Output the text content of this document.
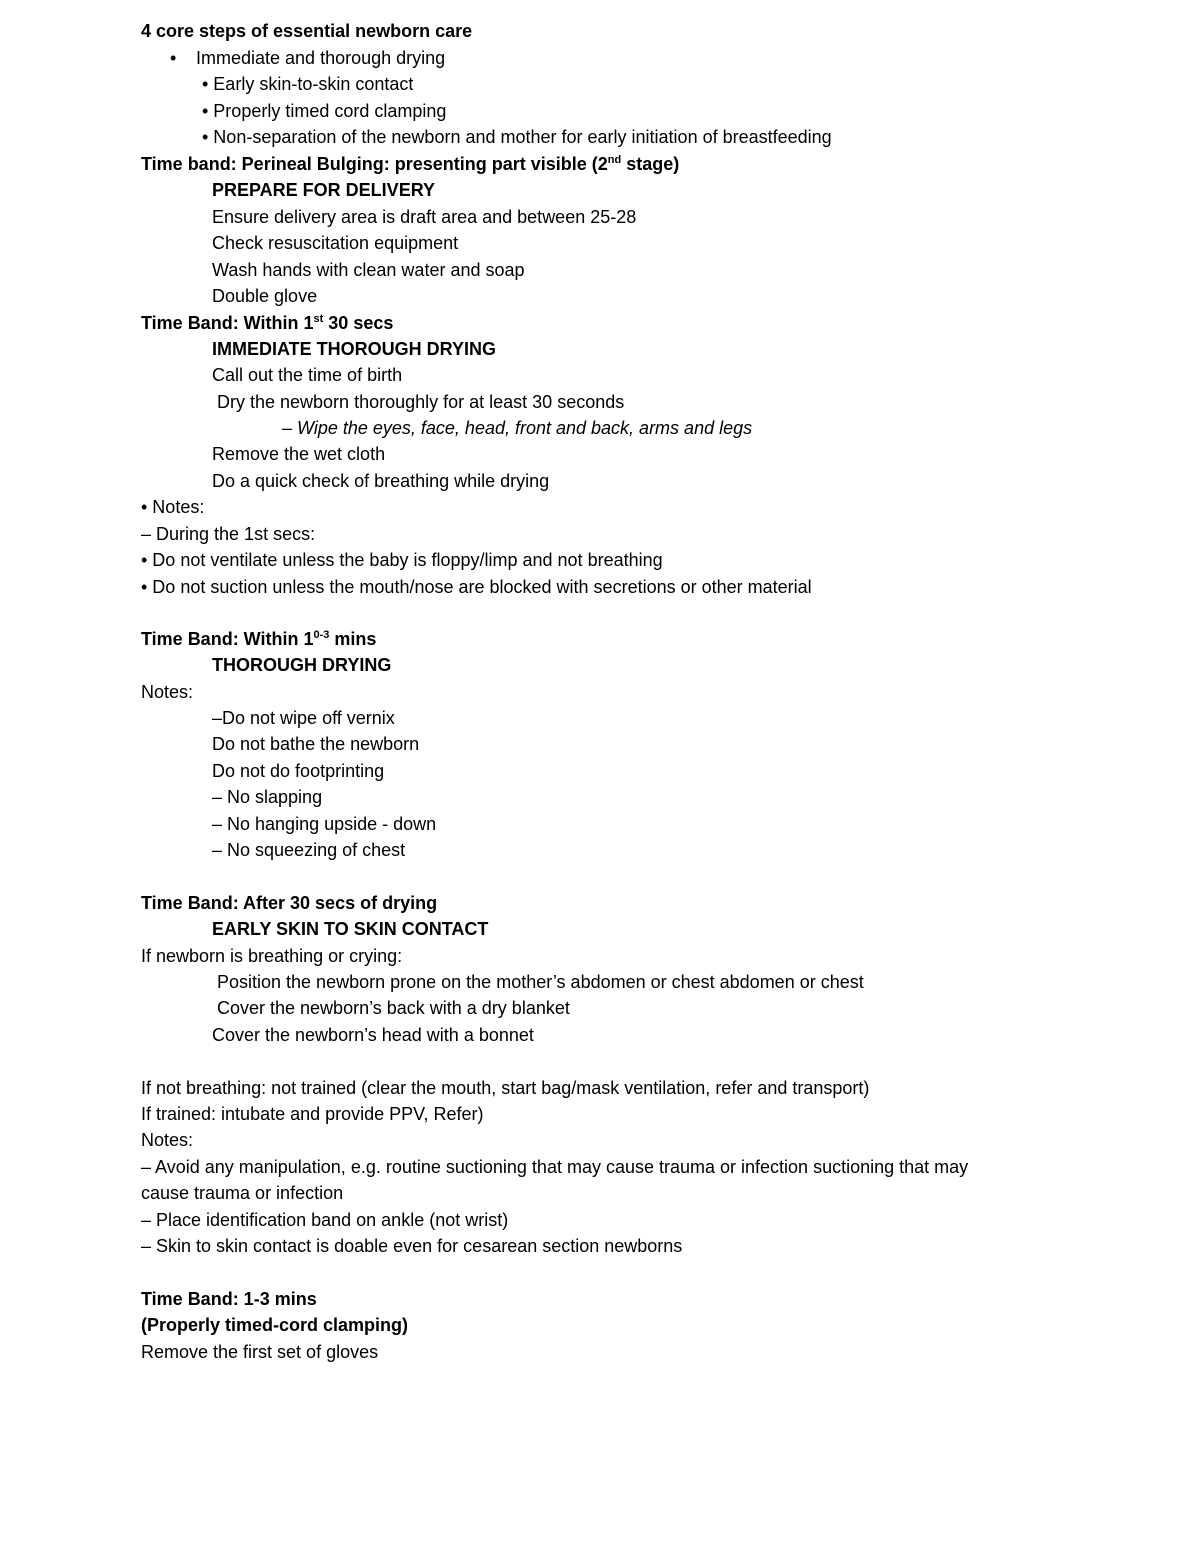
4 core steps of essential newborn care
• Immediate and thorough drying
• Early skin-to-skin contact
• Properly timed cord clamping
• Non-separation of the newborn and mother for early initiation of breastfeeding
Time band: Perineal Bulging: presenting part visible (2nd stage)
PREPARE FOR DELIVERY
Ensure delivery area is draft area and between 25-28
Check resuscitation equipment
Wash hands with clean water and soap
Double glove
Time Band: Within 1st 30 secs
IMMEDIATE THOROUGH DRYING
Call out the time of birth
Dry the newborn thoroughly for at least 30 seconds
– Wipe the eyes, face, head, front and back, arms and legs
Remove the wet cloth
Do a quick check of breathing while drying
• Notes:
– During the 1st secs:
• Do not ventilate unless the baby is floppy/limp and not breathing
• Do not suction unless the mouth/nose are blocked with secretions or other material
Time Band: Within 1$^{0-3}$ mins
THOROUGH DRYING
Notes:
–Do not wipe off vernix
Do not bathe the newborn
Do not do footprinting
– No slapping
– No hanging upside - down
– No squeezing of chest
Time Band: After 30 secs of drying
EARLY SKIN TO SKIN CONTACT
If newborn is breathing or crying:
Position the newborn prone on the mother’s abdomen or chest abdomen or chest
Cover the newborn’s back with a dry blanket
Cover the newborn’s head with a bonnet
If not breathing: not trained (clear the mouth, start bag/mask ventilation, refer and transport)
If trained: intubate and provide PPV, Refer)
Notes:
– Avoid any manipulation, e.g. routine suctioning that may cause trauma or infection suctioning that may
cause trauma or infection
– Place identification band on ankle (not wrist)
– Skin to skin contact is doable even for cesarean section newborns
Time Band: 1-3 mins
(Properly timed-cord clamping)
Remove the first set of gloves
